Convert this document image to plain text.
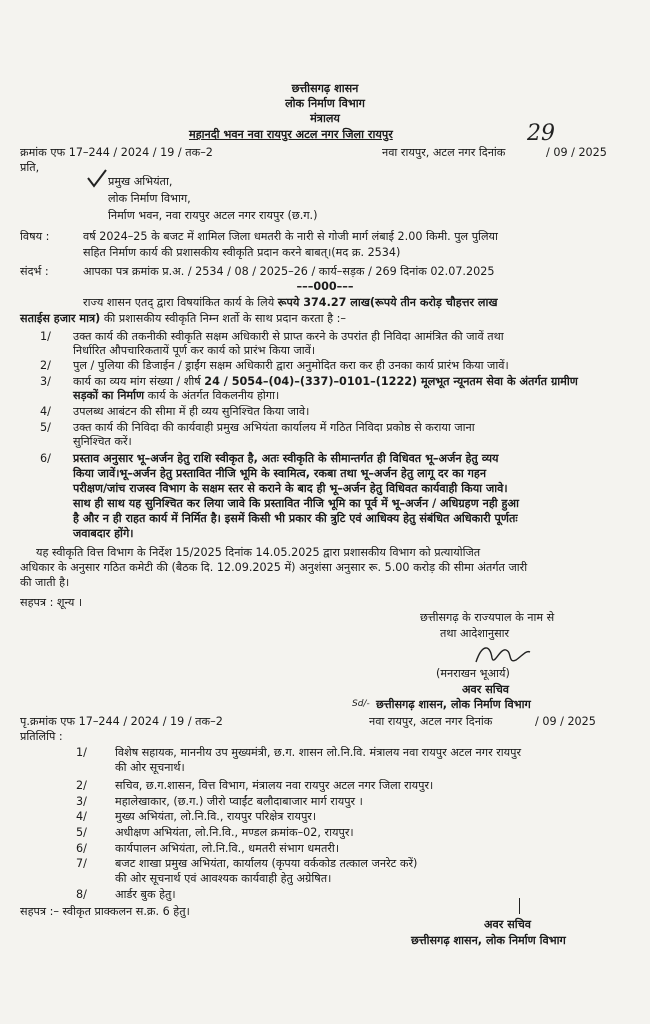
छत्तीसगढ़ शासन
लोक निर्माण विभाग
मंत्रालय
महानदी भवन नवा रायपुर अटल नगर जिला रायपुर
क्रमांक एफ 17–244 / 2024 / 19 / तक–2	नवा रायपुर, अटल नगर दिनांक
29
/ 09 / 2025
प्रति,
प्रमुख अभियंता,
लोक निर्माण विभाग,
निर्माण भवन, नवा रायपुर अटल नगर रायपुर (छ.ग.)
विषय :	वर्ष 2024–25 के बजट में शामिल जिला धमतरी के नारी से गोजी मार्ग लंबाई 2.00 किमी. पुल पुलिया
सहित निर्माण कार्य की प्रशासकीय स्वीकृति प्रदान करने बाबत्।(मद क्र. 2534)
संदर्भ :	आपका पत्र क्रमांक प्र.अ. / 2534 / 08 / 2025–26 / कार्य–सड़क / 269 दिनांक 02.07.2025
–––000–––
राज्य शासन एतद् द्वारा विषयांकित कार्य के लिये रूपये 374.27 लाख(रूपये तीन करोड़ चौहत्तर लाख
सताईस हजार मात्र) की प्रशासकीय स्वीकृति निम्न शर्तो के साथ प्रदान करता है :–
1/ उक्त कार्य की तकनीकी स्वीकृति सक्षम अधिकारी से प्राप्त करने के उपरांत ही निविदा आमंत्रित की जावें तथा
निर्धारित औपचारिकतायें पूर्ण कर कार्य को प्रारंभ किया जावें।
2/ पुल / पुलिया की डिजाईन / ड्राईंग सक्षम अधिकारी द्वारा अनुमोदित करा कर ही उनका कार्य प्रारंभ किया जावें।
3/ कार्य का व्यय मांग संख्या / शीर्ष 24 / 5054–(04)–(337)–0101–(1222) मूलभूत न्यूनतम सेवा के अंतर्गत ग्रामीण
सड़कों का निर्माण कार्य के अंतर्गत विकलनीय होगा।
4/ उपलब्ध आबंटन की सीमा में ही व्यय सुनिश्चित किया जावे।
5/ उक्त कार्य की निविदा की कार्यवाही प्रमुख अभियंता कार्यालय में गठित निविदा प्रकोष्ठ से कराया जाना
सुनिश्चित करें।
6/ प्रस्ताव अनुसार भू–अर्जन हेतु राशि स्वीकृत है, अतः स्वीकृति के सीमान्तर्गत ही विधिवत भू–अर्जन हेतु व्यय
किया जावें।भू–अर्जन हेतु प्रस्तावित नीजि भूमि के स्वामित्व, रकबा तथा भू–अर्जन हेतु लागू दर का गहन
परीक्षण/जांच राजस्व विभाग के सक्षम स्तर से कराने के बाद ही भू–अर्जन हेतु विधिवत कार्यवाही किया जावे।
साथ ही साथ यह सुनिश्चित कर लिया जावे कि प्रस्तावित नीजि भूमि का पूर्व में भू–अर्जन / अधिग्रहण नही हुआ
है और न ही राहत कार्य में निर्मित है। इसमें किसी भी प्रकार की त्रुटि एवं आधिक्य हेतु संबंधित अधिकारी पूर्णतः
जवाबदार होंगे।
यह स्वीकृति वित्त विभाग के निर्देश 15/2025 दिनांक 14.05.2025 द्वारा प्रशासकीय विभाग को प्रत्यायोजित
अधिकार के अनुसार गठित कमेटी की (बैठक दि. 12.09.2025 में) अनुशंसा अनुसार रू. 5.00 करोड़ की सीमा अंतर्गत जारी
की जाती है।
सहपत्र : शून्य ।
छत्तीसगढ़ के राज्यपाल के नाम से
तथा आदेशानुसार
(मनराखन भूआर्य)
अवर सचिव
Sd/- छत्तीसगढ़ शासन, लोक निर्माण विभाग
पृ.क्रमांक एफ 17–244 / 2024 / 19 / तक–2	नवा रायपुर, अटल नगर दिनांक	/ 09 / 2025
प्रतिलिपि :
1/	विशेष सहायक, माननीय उप मुख्यमंत्री, छ.ग. शासन लो.नि.वि. मंत्रालय नवा रायपुर अटल नगर रायपुर
की ओर सूचनार्थ।
2/	सचिव, छ.ग.शासन, वित्त विभाग, मंत्रालय नवा रायपुर अटल नगर जिला रायपुर।
3/	महालेखाकार, (छ.ग.) जीरो प्वाईंट बलौदाबाजार मार्ग रायपुर ।
4/	मुख्य अभियंता, लो.नि.वि., रायपुर परिक्षेत्र रायपुर।
5/	अधीक्षण अभियंता, लो.नि.वि., मण्डल क्रमांक–02, रायपुर।
6/	कार्यपालन अभियंता, लो.नि.वि., धमतरी संभाग धमतरी।
7/	बजट शाखा प्रमुख अभियंता, कार्यालय (कृपया वर्ककोड तत्काल जनरेट करें)
की ओर सूचनार्थ एवं आवश्यक कार्यवाही हेतु अग्रेषित।
8/	आर्डर बुक हेतु।
सहपत्र :– स्वीकृत प्राक्कलन स.क्र. 6 हेतु।
अवर सचिव
छत्तीसगढ़ शासन, लोक निर्माण विभाग
